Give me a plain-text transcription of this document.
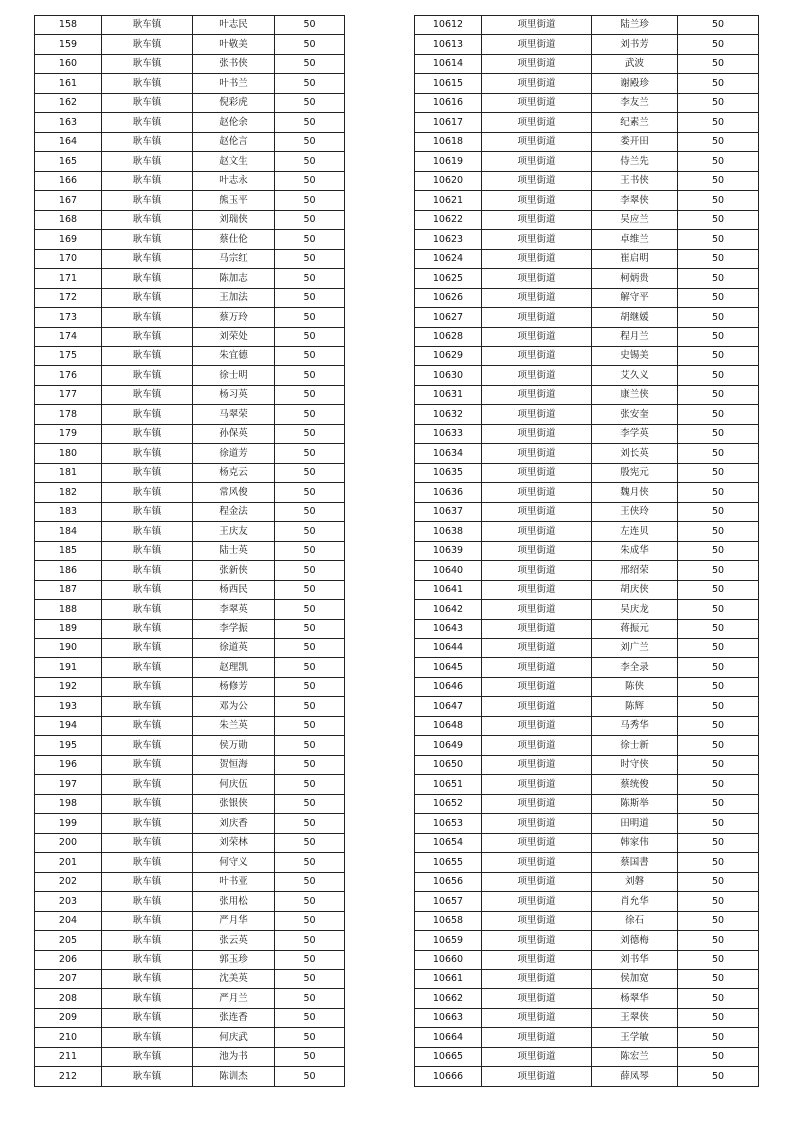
158	耿车镇	叶志民	50
159	耿车镇	叶敬美	50
160	耿车镇	张书侠	50
161	耿车镇	叶书兰	50
162	耿车镇	倪彩虎	50
163	耿车镇	赵伦余	50
164	耿车镇	赵伦言	50
165	耿车镇	赵文生	50
166	耿车镇	叶志永	50
167	耿车镇	熊玉平	50
168	耿车镇	刘瑞侠	50
169	耿车镇	蔡仕伦	50
170	耿车镇	马宗红	50
171	耿车镇	陈加志	50
172	耿车镇	王加法	50
173	耿车镇	蔡万玲	50
174	耿车镇	刘荣处	50
175	耿车镇	朱宜德	50
176	耿车镇	徐士明	50
177	耿车镇	杨习英	50
178	耿车镇	马翠荣	50
179	耿车镇	孙保英	50
180	耿车镇	徐道芳	50
181	耿车镇	杨克云	50
182	耿车镇	常风俊	50
183	耿车镇	程金法	50
184	耿车镇	王庆友	50
185	耿车镇	陆士英	50
186	耿车镇	张新侠	50
187	耿车镇	杨西民	50
188	耿车镇	李翠英	50
189	耿车镇	李学振	50
190	耿车镇	徐道英	50
191	耿车镇	赵理凯	50
192	耿车镇	杨修芳	50
193	耿车镇	邓为公	50
194	耿车镇	朱兰英	50
195	耿车镇	侯万勋	50
196	耿车镇	贺恒海	50
197	耿车镇	何庆伍	50
198	耿车镇	张银侠	50
199	耿车镇	刘庆香	50
200	耿车镇	刘荣林	50
201	耿车镇	何守义	50
202	耿车镇	叶书亚	50
203	耿车镇	张用松	50
204	耿车镇	严月华	50
205	耿车镇	张云英	50
206	耿车镇	郭玉珍	50
207	耿车镇	沈美英	50
208	耿车镇	严月兰	50
209	耿车镇	张连香	50
210	耿车镇	何庆武	50
211	耿车镇	池为书	50
212	耿车镇	陈训杰	50
10612	项里街道	陆兰珍	50
10613	项里街道	刘书芳	50
10614	项里街道	武波	50
10615	项里街道	谢殿珍	50
10616	项里街道	李友兰	50
10617	项里街道	纪素兰	50
10618	项里街道	娄开田	50
10619	项里街道	侍兰先	50
10620	项里街道	王书侠	50
10621	项里街道	李翠侠	50
10622	项里街道	吴应兰	50
10623	项里街道	卓维兰	50
10624	项里街道	崔启明	50
10625	项里街道	柯炳贵	50
10626	项里街道	解守平	50
10627	项里街道	胡继媛	50
10628	项里街道	程月兰	50
10629	项里街道	史锡美	50
10630	项里街道	艾久义	50
10631	项里街道	康兰侠	50
10632	项里街道	张安奎	50
10633	项里街道	李学英	50
10634	项里街道	刘长英	50
10635	项里街道	殷宪元	50
10636	项里街道	魏月侠	50
10637	项里街道	王侠玲	50
10638	项里街道	左连贝	50
10639	项里街道	朱成华	50
10640	项里街道	邢绍荣	50
10641	项里街道	胡庆侠	50
10642	项里街道	吴庆龙	50
10643	项里街道	蒋振元	50
10644	项里街道	刘广兰	50
10645	项里街道	李全录	50
10646	项里街道	陈侠	50
10647	项里街道	陈辉	50
10648	项里街道	马秀华	50
10649	项里街道	徐士新	50
10650	项里街道	时守侠	50
10651	项里街道	蔡统俊	50
10652	项里街道	陈斯举	50
10653	项里街道	田明道	50
10654	项里街道	韩家伟	50
10655	项里街道	蔡国書	50
10656	项里街道	刘磐	50
10657	项里街道	肖允华	50
10658	项里街道	徐石	50
10659	项里街道	刘德梅	50
10660	项里街道	刘书华	50
10661	项里街道	侯加宽	50
10662	项里街道	杨翠华	50
10663	项里街道	王翠侠	50
10664	项里街道	王学敏	50
10665	项里街道	陈宏兰	50
10666	项里街道	薛凤琴	50
